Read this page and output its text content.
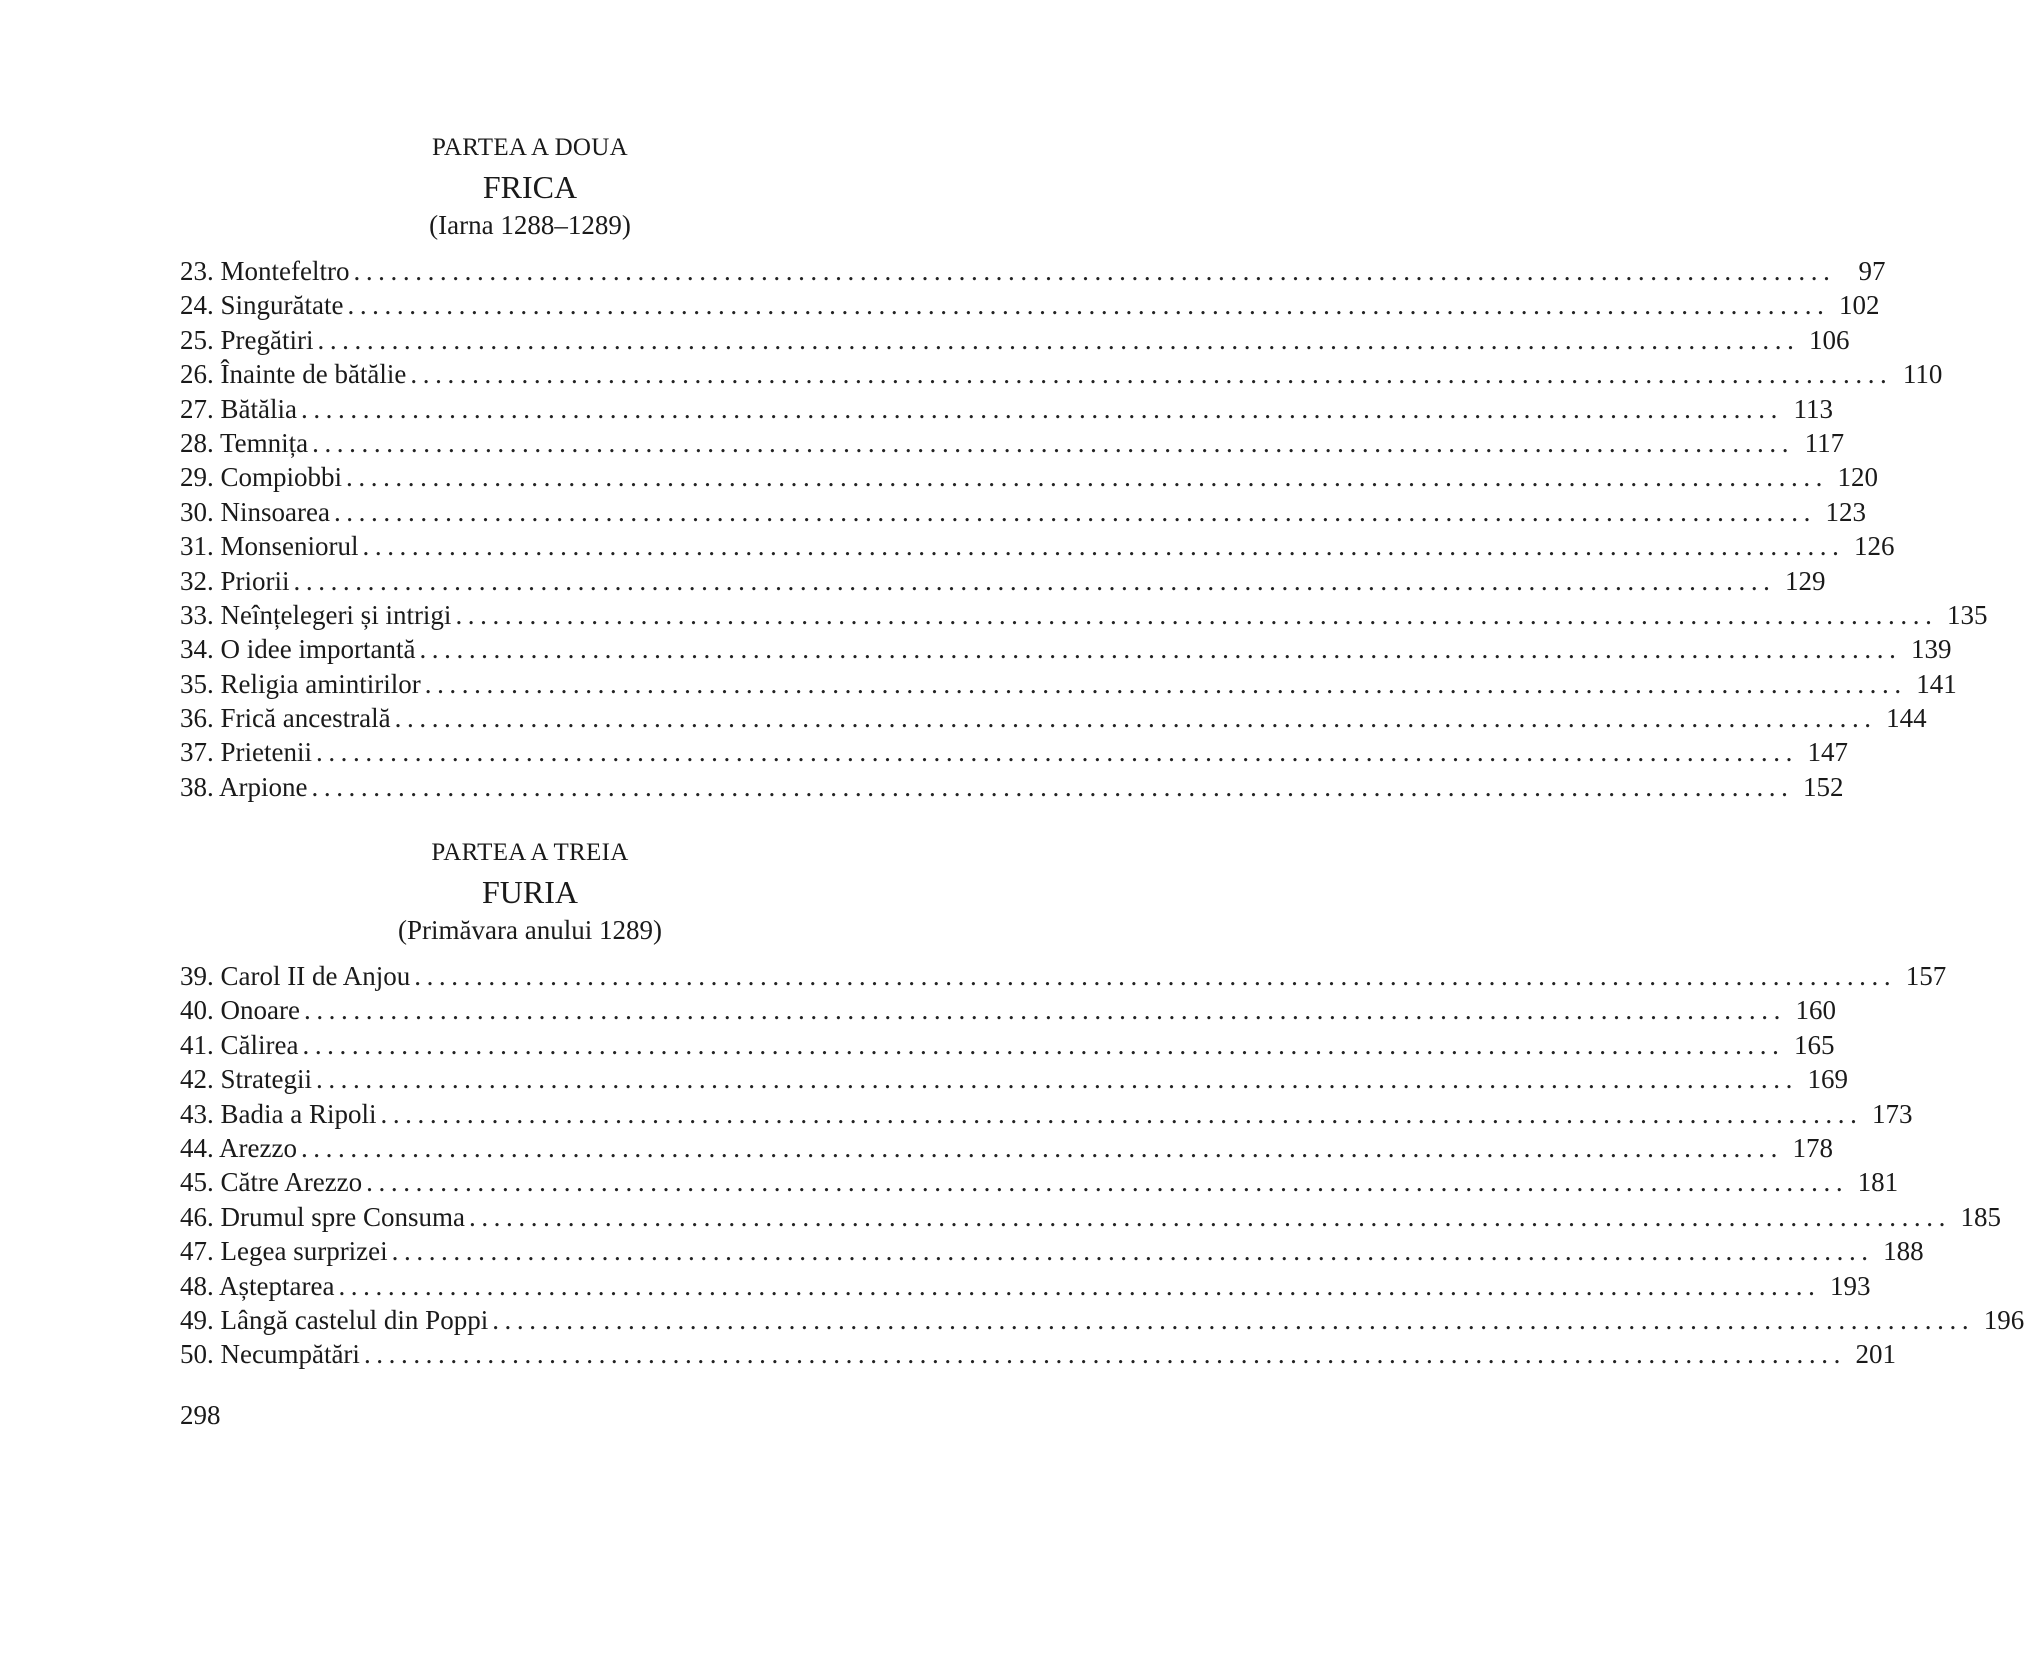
PARTEA A DOUA
FRICA
(Iarna 1288–1289)
23. Montefeltro ........................................................................................................................ 97
24. Singurătate ........................................................................................................................ 102
25. Pregătiri ........................................................................................................................ 106
26. Înainte de bătălie ........................................................................................................................ 110
27. Bătălia ........................................................................................................................ 113
28. Temnița ........................................................................................................................ 117
29. Compiobbi ........................................................................................................................ 120
30. Ninsoarea ........................................................................................................................ 123
31. Monseniorul ........................................................................................................................ 126
32. Priorii ........................................................................................................................ 129
33. Neînțelegeri și intrigi ........................................................................................................................ 135
34. O idee importantă ........................................................................................................................ 139
35. Religia amintirilor ........................................................................................................................ 141
36. Frică ancestrală ........................................................................................................................ 144
37. Prietenii ........................................................................................................................ 147
38. Arpione ........................................................................................................................ 152
PARTEA A TREIA
FURIA
(Primăvara anului 1289)
39. Carol II de Anjou ........................................................................................................................ 157
40. Onoare ........................................................................................................................ 160
41. Călirea ........................................................................................................................ 165
42. Strategii ........................................................................................................................ 169
43. Badia a Ripoli ........................................................................................................................ 173
44. Arezzo ........................................................................................................................ 178
45. Către Arezzo ........................................................................................................................ 181
46. Drumul spre Consuma ........................................................................................................................ 185
47. Legea surprizei ........................................................................................................................ 188
48. Așteptarea ........................................................................................................................ 193
49. Lângă castelul din Poppi ........................................................................................................................ 196
50. Necumpătări ........................................................................................................................ 201
298
